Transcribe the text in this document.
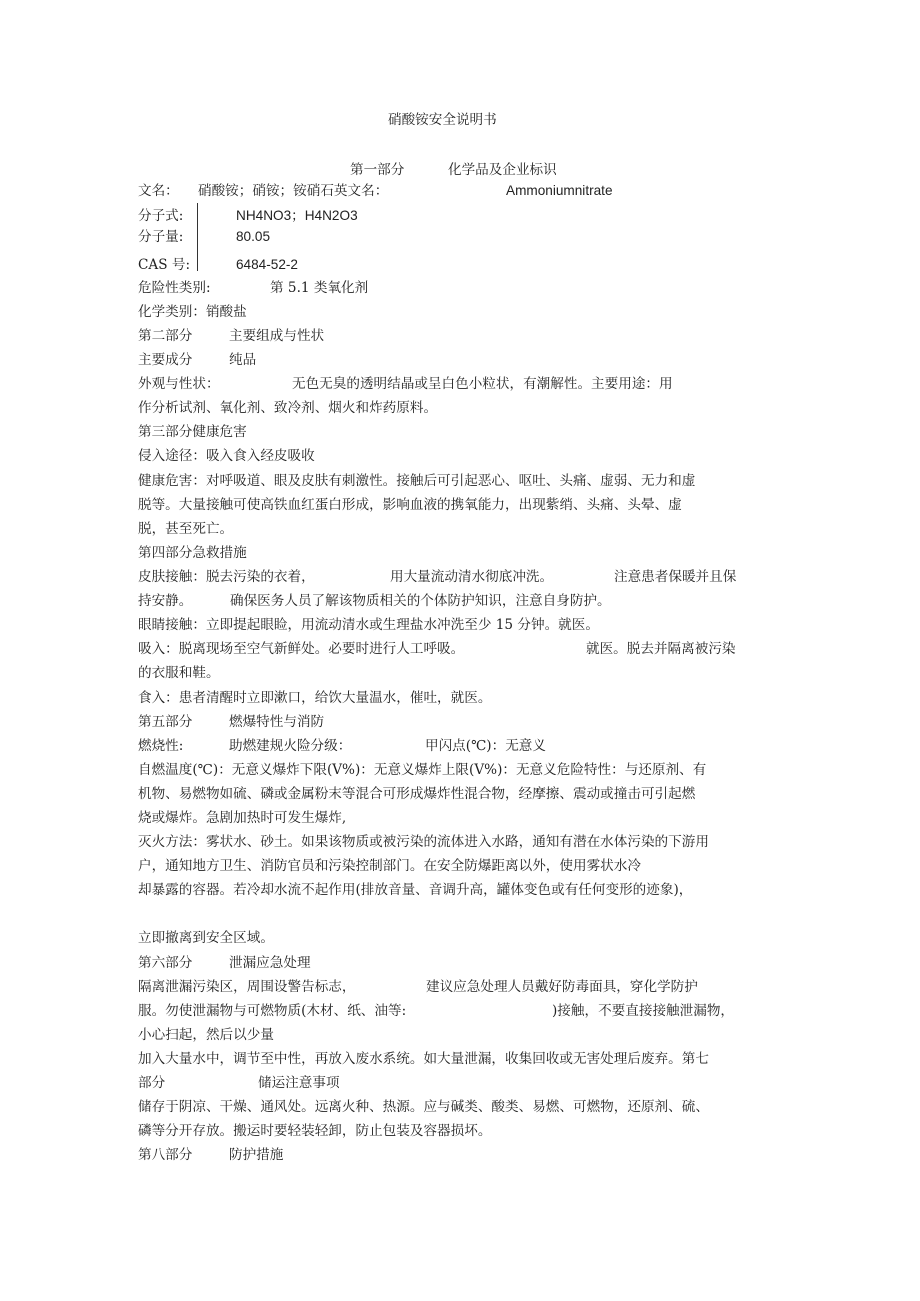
硝酸铵安全说明书
第一部分	化学品及企业标识
文名： 硝酸铵；硝铵；铵硝石英文名：	Ammoniumnitrate
分子式:	NH4NO3；H4N2O3
分子量:	80.05
CAS 号:	6484-52-2
危险性类别:	第 5.1 类氧化剂
化学类别：销酸盐
第二部分	主要组成与性状
主要成分	纯品
外观与性状：	无色无臭的透明结晶或呈白色小粒状，有潮解性。主要用途：用
作分析试剂、氧化剂、致冷剂、烟火和炸药原料。
第三部分健康危害
侵入途径：吸入食入经皮吸收
健康危害：对呼吸道、眼及皮肤有刺激性。接触后可引起恶心、呕吐、头痛、虚弱、无力和虚
脱等。大量接触可使高铁血红蛋白形成，影响血液的携氧能力，出现紫绡、头痛、头晕、虚
脱，甚至死亡。
第四部分急救措施
皮肤接触：脱去污染的衣着，	用大量流动清水彻底冲洗。	注意患者保暖并且保
持安静。	确保医务人员了解该物质相关的个体防护知识，注意自身防护。
眼睛接触：立即提起眼睑，用流动清水或生理盐水冲洗至少 15 分钟。就医。
吸入：脱离现场至空气新鲜处。必要时进行人工呼吸。	就医。脱去并隔离被污染
的衣服和鞋。
食入：患者清醒时立即漱口，给饮大量温水，催吐，就医。
第五部分	燃爆特性与消防
燃烧性:	助燃建规火险分级：	甲闪点(℃)：无意义
自燃温度(℃)：无意义爆炸下限(V%)：无意义爆炸上限(V%)：无意义危险特性：与还原剂、有
机物、易燃物如硫、磷或金属粉末等混合可形成爆炸性混合物，经摩擦、震动或撞击可引起燃
烧或爆炸。急剧加热时可发生爆炸,
灭火方法：雾状水、砂土。如果该物质或被污染的流体进入水路，通知有潜在水体污染的下游用
户，通知地方卫生、消防官员和污染控制部门。在安全防爆距离以外，使用雾状水冷
却暴露的容器。若冷却水流不起作用(排放音量、音调升高，罐体变色或有任何变形的迹象)，
立即撤离到安全区域。
第六部分	泄漏应急处理
隔离泄漏污染区，周围设警告标志，	建议应急处理人员戴好防毒面具，穿化学防护
服。勿使泄漏物与可燃物质(木材、纸、油等:	)接触，不要直接接触泄漏物，
小心扫起，然后以少量
加入大量水中，调节至中性，再放入废水系统。如大量泄漏，收集回收或无害处理后废弃。第七
部分	储运注意事项
储存于阴凉、干燥、通风处。远离火种、热源。应与碱类、酸类、易燃、可燃物，还原剂、硫、
磷等分开存放。搬运时要轻装轻卸，防止包装及容器损坏。
第八部分	防护措施
